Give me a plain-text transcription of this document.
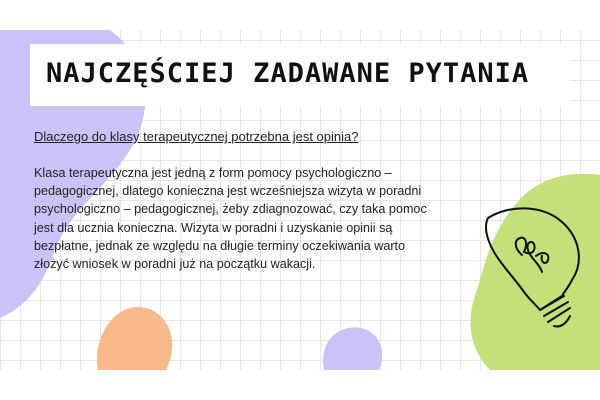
NAJCZĘŚCIEJ ZADAWANE PYTANIA

Dlaczego do klasy terapeutycznej potrzebna jest opinia?

Klasa terapeutyczna jest jedną z form pomocy psychologiczno –
pedagogicznej, dlatego konieczna jest wcześniejsza wizyta w poradni
psychologiczno – pedagogicznej, żeby zdiagnozować, czy taka pomoc
jest dla ucznia konieczna. Wizyta w poradni i uzyskanie opinii są
bezpłatne, jednak ze względu na długie terminy oczekiwania warto
złożyć wniosek w poradni już na początku wakacji.
